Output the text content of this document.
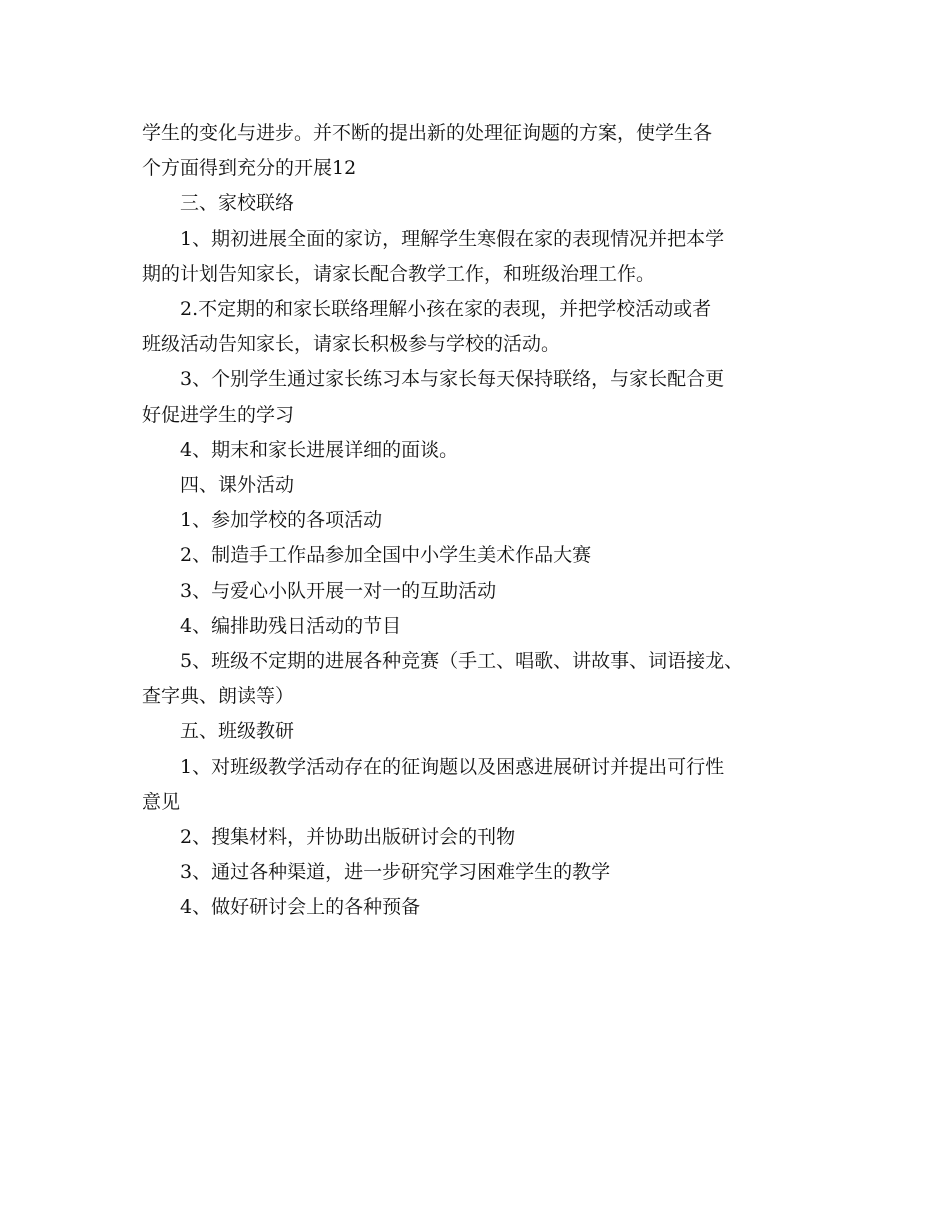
学生的变化与进步。并不断的提出新的处理征询题的方案，使学生各
个方面得到充分的开展12

三、家校联络

1、期初进展全面的家访，理解学生寒假在家的表现情况并把本学
期的计划告知家长，请家长配合教学工作，和班级治理工作。

2.不定期的和家长联络理解小孩在家的表现，并把学校活动或者
班级活动告知家长，请家长积极参与学校的活动。

3、个别学生通过家长练习本与家长每天保持联络，与家长配合更
好促进学生的学习

4、期末和家长进展详细的面谈。

四、课外活动

1、参加学校的各项活动

2、制造手工作品参加全国中小学生美术作品大赛

3、与爱心小队开展一对一的互助活动

4、编排助残日活动的节目

5、班级不定期的进展各种竞赛（手工、唱歌、讲故事、词语接龙、
查字典、朗读等）

五、班级教研

1、对班级教学活动存在的征询题以及困惑进展研讨并提出可行性
意见

2、搜集材料，并协助出版研讨会的刊物

3、通过各种渠道，进一步研究学习困难学生的教学

4、做好研讨会上的各种预备
